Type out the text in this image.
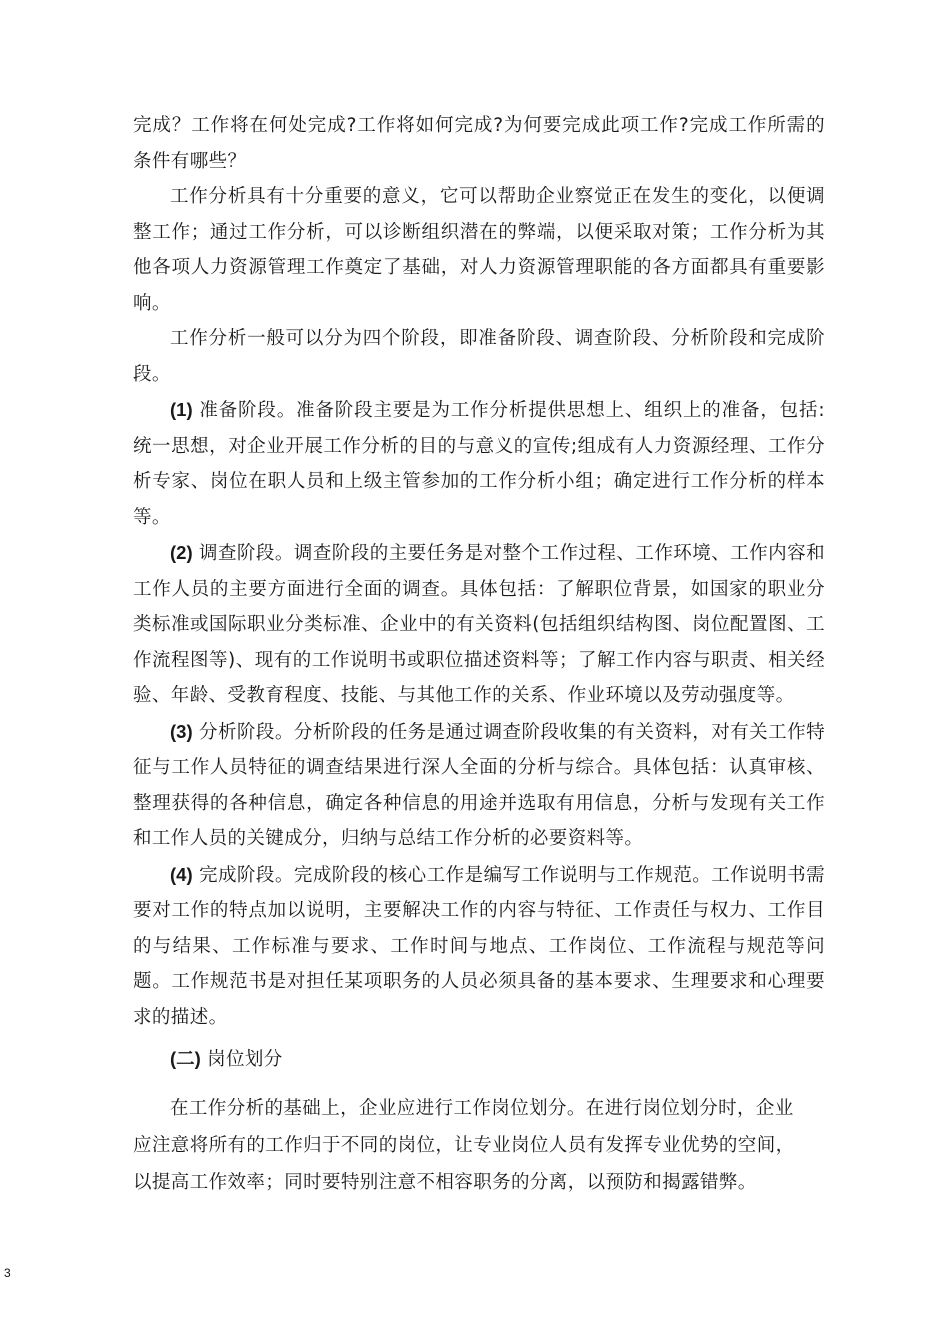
完成？工作将在何处完成?工作将如何完成?为何要完成此项工作?完成工作所需的条件有哪些？

工作分析具有十分重要的意义，它可以帮助企业察觉正在发生的变化，以便调整工作；通过工作分析，可以诊断组织潜在的弊端，以便采取对策；工作分析为其他各项人力资源管理工作奠定了基础，对人力资源管理职能的各方面都具有重要影响。

工作分析一般可以分为四个阶段，即准备阶段、调查阶段、分析阶段和完成阶段。

(1) 准备阶段。准备阶段主要是为工作分析提供思想上、组织上的准备，包括:统一思想，对企业开展工作分析的目的与意义的宣传;组成有人力资源经理、工作分析专家、岗位在职人员和上级主管参加的工作分析小组；确定进行工作分析的样本等。

(2) 调查阶段。调查阶段的主要任务是对整个工作过程、工作环境、工作内容和工作人员的主要方面进行全面的调查。具体包括：了解职位背景，如国家的职业分类标准或国际职业分类标准、企业中的有关资料(包括组织结构图、岗位配置图、工作流程图等)、现有的工作说明书或职位描述资料等；了解工作内容与职责、相关经验、年龄、受教育程度、技能、与其他工作的关系、作业环境以及劳动强度等。

(3) 分析阶段。分析阶段的任务是通过调查阶段收集的有关资料，对有关工作特征与工作人员特征的调查结果进行深人全面的分析与综合。具体包括：认真审核、整理获得的各种信息，确定各种信息的用途并选取有用信息，分析与发现有关工作和工作人员的关键成分，归纳与总结工作分析的必要资料等。

(4) 完成阶段。完成阶段的核心工作是编写工作说明与工作规范。工作说明书需要对工作的特点加以说明，主要解决工作的内容与特征、工作责任与权力、工作目的与结果、工作标准与要求、工作时间与地点、工作岗位、工作流程与规范等问题。工作规范书是对担任某项职务的人员必须具备的基本要求、生理要求和心理要求的描述。

(二) 岗位划分

在工作分析的基础上，企业应进行工作岗位划分。在进行岗位划分时，企业

应注意将所有的工作归于不同的岗位，让专业岗位人员有发挥专业优势的空间，

以提高工作效率；同时要特别注意不相容职务的分离，以预防和揭露错弊。

3
